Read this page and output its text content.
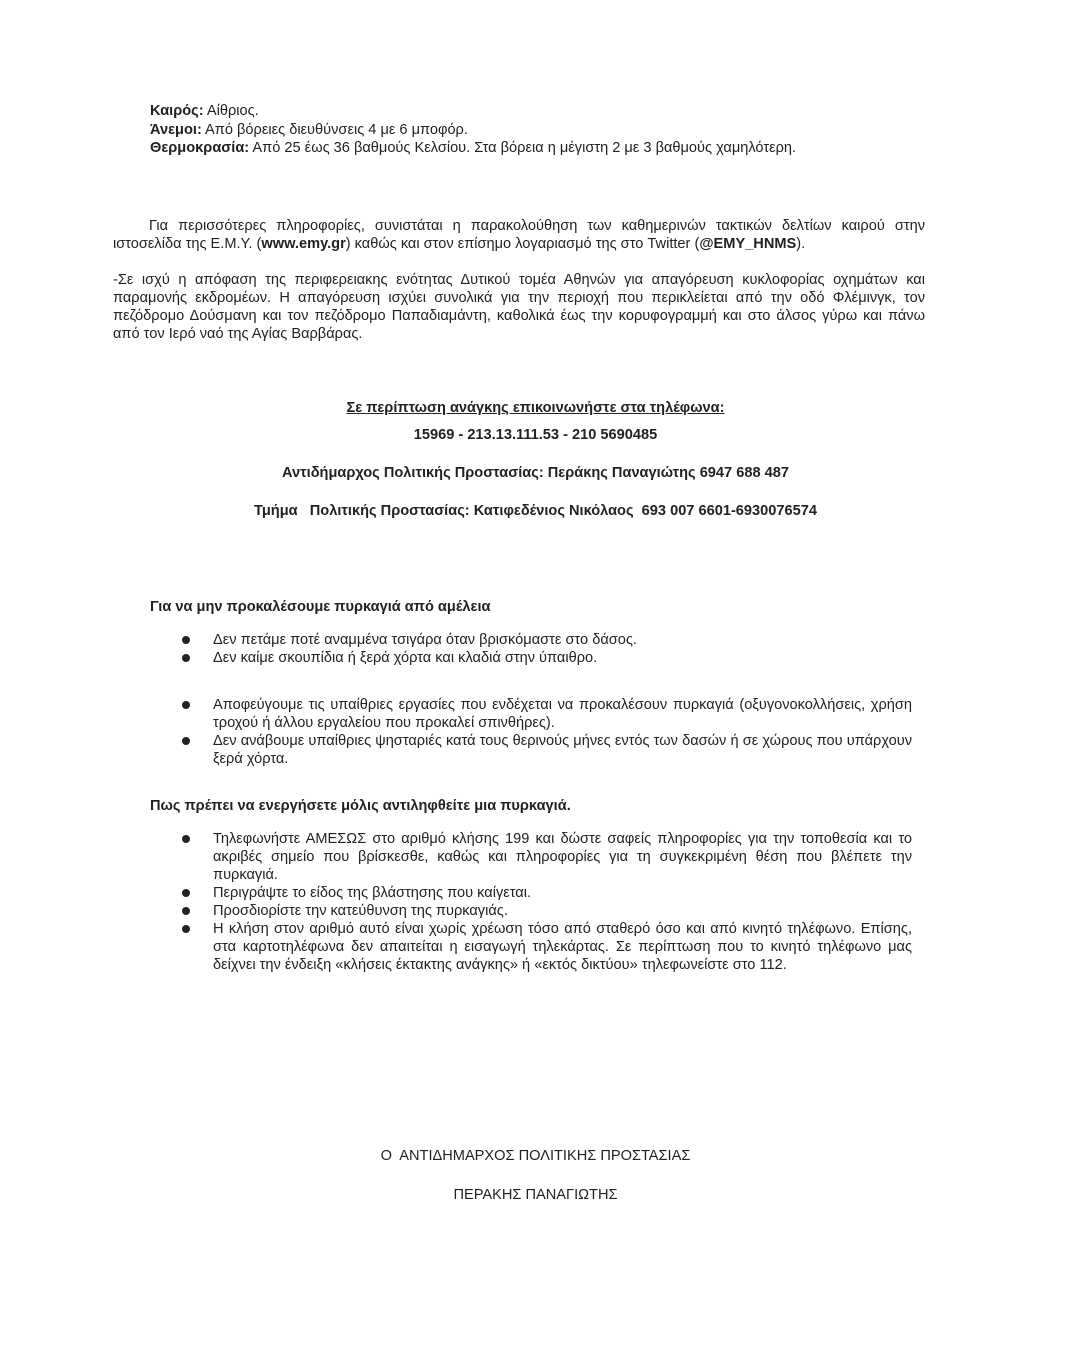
Καιρός: Αίθριος.
Άνεμοι: Από βόρειες διευθύνσεις 4 με 6 μποφόρ.
Θερμοκρασία: Από 25 έως 36 βαθμούς Κελσίου. Στα βόρεια η μέγιστη 2 με 3 βαθμούς χαμηλότερη.
Για περισσότερες πληροφορίες, συνιστάται η παρακολούθηση των καθημερινών τακτικών δελτίων καιρού στην ιστοσελίδα της Ε.Μ.Υ. (www.emy.gr) καθώς και στον επίσημο λογαριασμό της στο Twitter (@EMY_HNMS).
-Σε ισχύ η απόφαση της περιφερειακης ενότητας Δυτικού τομέα Αθηνών για απαγόρευση κυκλοφορίας οχημάτων και παραμονής εκδρομέων. Η απαγόρευση ισχύει συνολικά για την περιοχή που περικλείεται από την οδό Φλέμινγκ, τον πεζόδρομο Δούσμανη και τον πεζόδρομο Παπαδιαμάντη, καθολικά έως την κορυφογραμμή και στο άλσος γύρω και πάνω από τον Ιερό ναό της Αγίας Βαρβάρας.
Σε περίπτωση ανάγκης επικοινωνήστε στα τηλέφωνα:
15969 - 213.13.111.53 - 210 5690485
Αντιδήμαρχος Πολιτικής Προστασίας: Περάκης Παναγιώτης 6947 688 487
Τμήμα   Πολιτικής Προστασίας: Κατιφεδένιος Νικόλαος  693 007 6601-6930076574
Για να μην προκαλέσουμε πυρκαγιά από αμέλεια
Δεν πετάμε ποτέ αναμμένα τσιγάρα όταν βρισκόμαστε στο δάσος.
Δεν καίμε σκουπίδια ή ξερά χόρτα και κλαδιά στην ύπαιθρο.
Αποφεύγουμε τις υπαίθριες εργασίες που ενδέχεται να προκαλέσουν πυρκαγιά (οξυγονοκολλήσεις, χρήση τροχού ή άλλου εργαλείου που προκαλεί σπινθήρες).
Δεν ανάβουμε υπαίθριες ψησταριές κατά τους θερινούς μήνες εντός των δασών ή σε χώρους που υπάρχουν ξερά χόρτα.
Πως πρέπει να ενεργήσετε μόλις αντιληφθείτε μια πυρκαγιά.
Τηλεφωνήστε ΑΜΕΣΩΣ στο αριθμό κλήσης 199 και δώστε σαφείς πληροφορίες για την τοποθεσία και το ακριβές σημείο που βρίσκεσθε, καθώς και πληροφορίες για τη συγκεκριμένη θέση που βλέπετε την πυρκαγιά.
Περιγράψτε το είδος της βλάστησης που καίγεται.
Προσδιορίστε την κατεύθυνση της πυρκαγιάς.
Η κλήση στον αριθμό αυτό είναι χωρίς χρέωση τόσο από σταθερό όσο και από κινητό τηλέφωνο. Επίσης, στα καρτοτηλέφωνα δεν απαιτείται η εισαγωγή τηλεκάρτας. Σε περίπτωση που το κινητό τηλέφωνο μας δείχνει την ένδειξη «κλήσεις έκτακτης ανάγκης» ή «εκτός δικτύου» τηλεφωνείστε στο 112.
Ο  ΑΝΤΙΔΗΜΑΡΧΟΣ ΠΟΛΙΤΙΚΗΣ ΠΡΟΣΤΑΣΙΑΣ
ΠΕΡΑΚΗΣ ΠΑΝΑΓΙΩΤΗΣ
